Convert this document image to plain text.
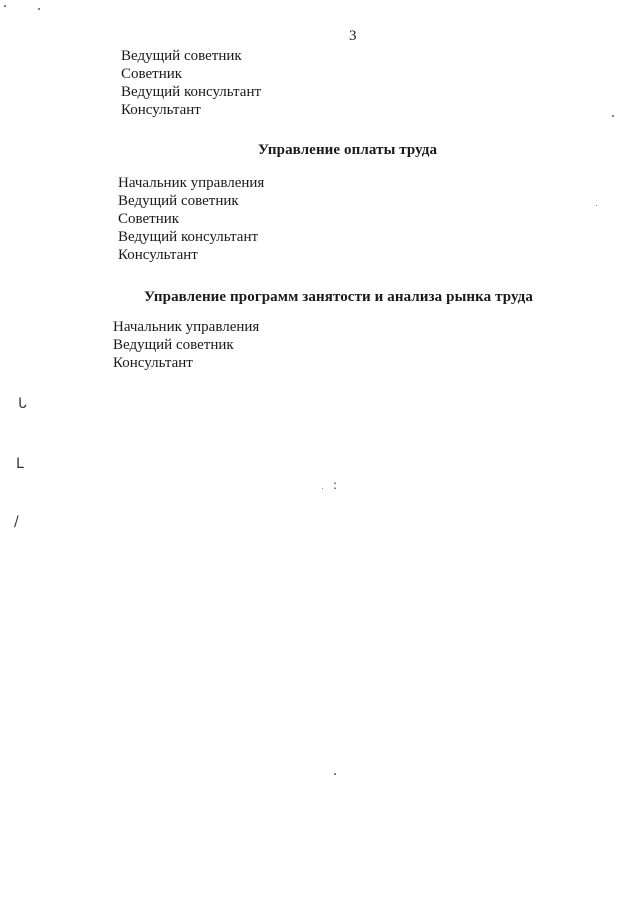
3
Ведущий советник
Советник
Ведущий консультант
Консультант
Управление оплаты труда
Начальник управления
Ведущий советник
Советник
Ведущий консультант
Консультант
Управление программ занятости и анализа рынка труда
Начальник управления
Ведущий советник
Консультант
ᒐ
ᒪ
/
:
